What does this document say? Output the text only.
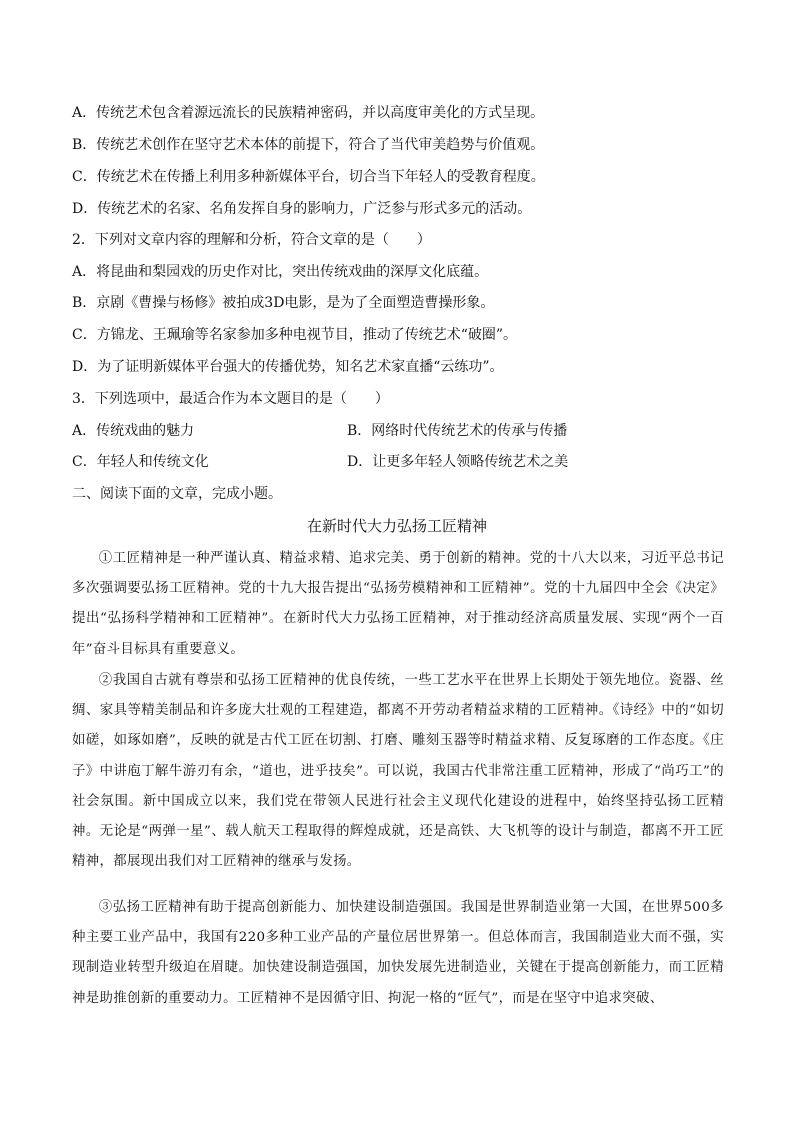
A．传统艺术包含着源远流长的民族精神密码，并以高度审美化的方式呈现。
B．传统艺术创作在坚守艺术本体的前提下，符合了当代审美趋势与价值观。
C．传统艺术在传播上利用多种新媒体平台，切合当下年轻人的受教育程度。
D．传统艺术的名家、名角发挥自身的影响力，广泛参与形式多元的活动。
2．下列对文章内容的理解和分析，符合文章的是（　　）
A．将昆曲和梨园戏的历史作对比，突出传统戏曲的深厚文化底蕴。
B．京剧《曹操与杨修》被拍成3D电影，是为了全面塑造曹操形象。
C．方锦龙、王珮瑜等名家参加多种电视节目，推动了传统艺术“破圈”。
D．为了证明新媒体平台强大的传播优势，知名艺术家直播“云练功”。
3．下列选项中，最适合作为本文题目的是（　　）
A．传统戏曲的魅力	B．网络时代传统艺术的传承与传播
C．年轻人和传统文化	D．让更多年轻人领略传统艺术之美
二、阅读下面的文章，完成小题。
在新时代大力弘扬工匠精神
①工匠精神是一种严谨认真、精益求精、追求完美、勇于创新的精神。党的十八大以来，习近平总书记多次强调要弘扬工匠精神。党的十九大报告提出“弘扬劳模精神和工匠精神”。党的十九届四中全会《决定》提出“弘扬科学精神和工匠精神”。在新时代大力弘扬工匠精神，对于推动经济高质量发展、实现“两个一百年”奋斗目标具有重要意义。
②我国自古就有尊崇和弘扬工匠精神的优良传统，一些工艺水平在世界上长期处于领先地位。瓷器、丝绸、家具等精美制品和许多庞大壮观的工程建造，都离不开劳动者精益求精的工匠精神。《诗经》中的“如切如磋，如琢如磨”，反映的就是古代工匠在切割、打磨、雕刻玉器等时精益求精、反复琢磨的工作态度。《庄子》中讲庖丁解牛游刃有余，“道也，进乎技矣”。可以说，我国古代非常注重工匠精神，形成了“尚巧工”的社会氛围。新中国成立以来，我们党在带领人民进行社会主义现代化建设的进程中，始终坚持弘扬工匠精神。无论是“两弹一星”、载人航天工程取得的辉煌成就，还是高铁、大飞机等的设计与制造，都离不开工匠精神，都展现出我们对工匠精神的继承与发扬。
③弘扬工匠精神有助于提高创新能力、加快建设制造强国。我国是世界制造业第一大国，在世界500多种主要工业产品中，我国有220多种工业产品的产量位居世界第一。但总体而言，我国制造业大而不强，实现制造业转型升级迫在眉睫。加快建设制造强国，加快发展先进制造业，关键在于提高创新能力，而工匠精神是助推创新的重要动力。工匠精神不是因循守旧、拘泥一格的“匠气”，而是在坚守中追求突破、
